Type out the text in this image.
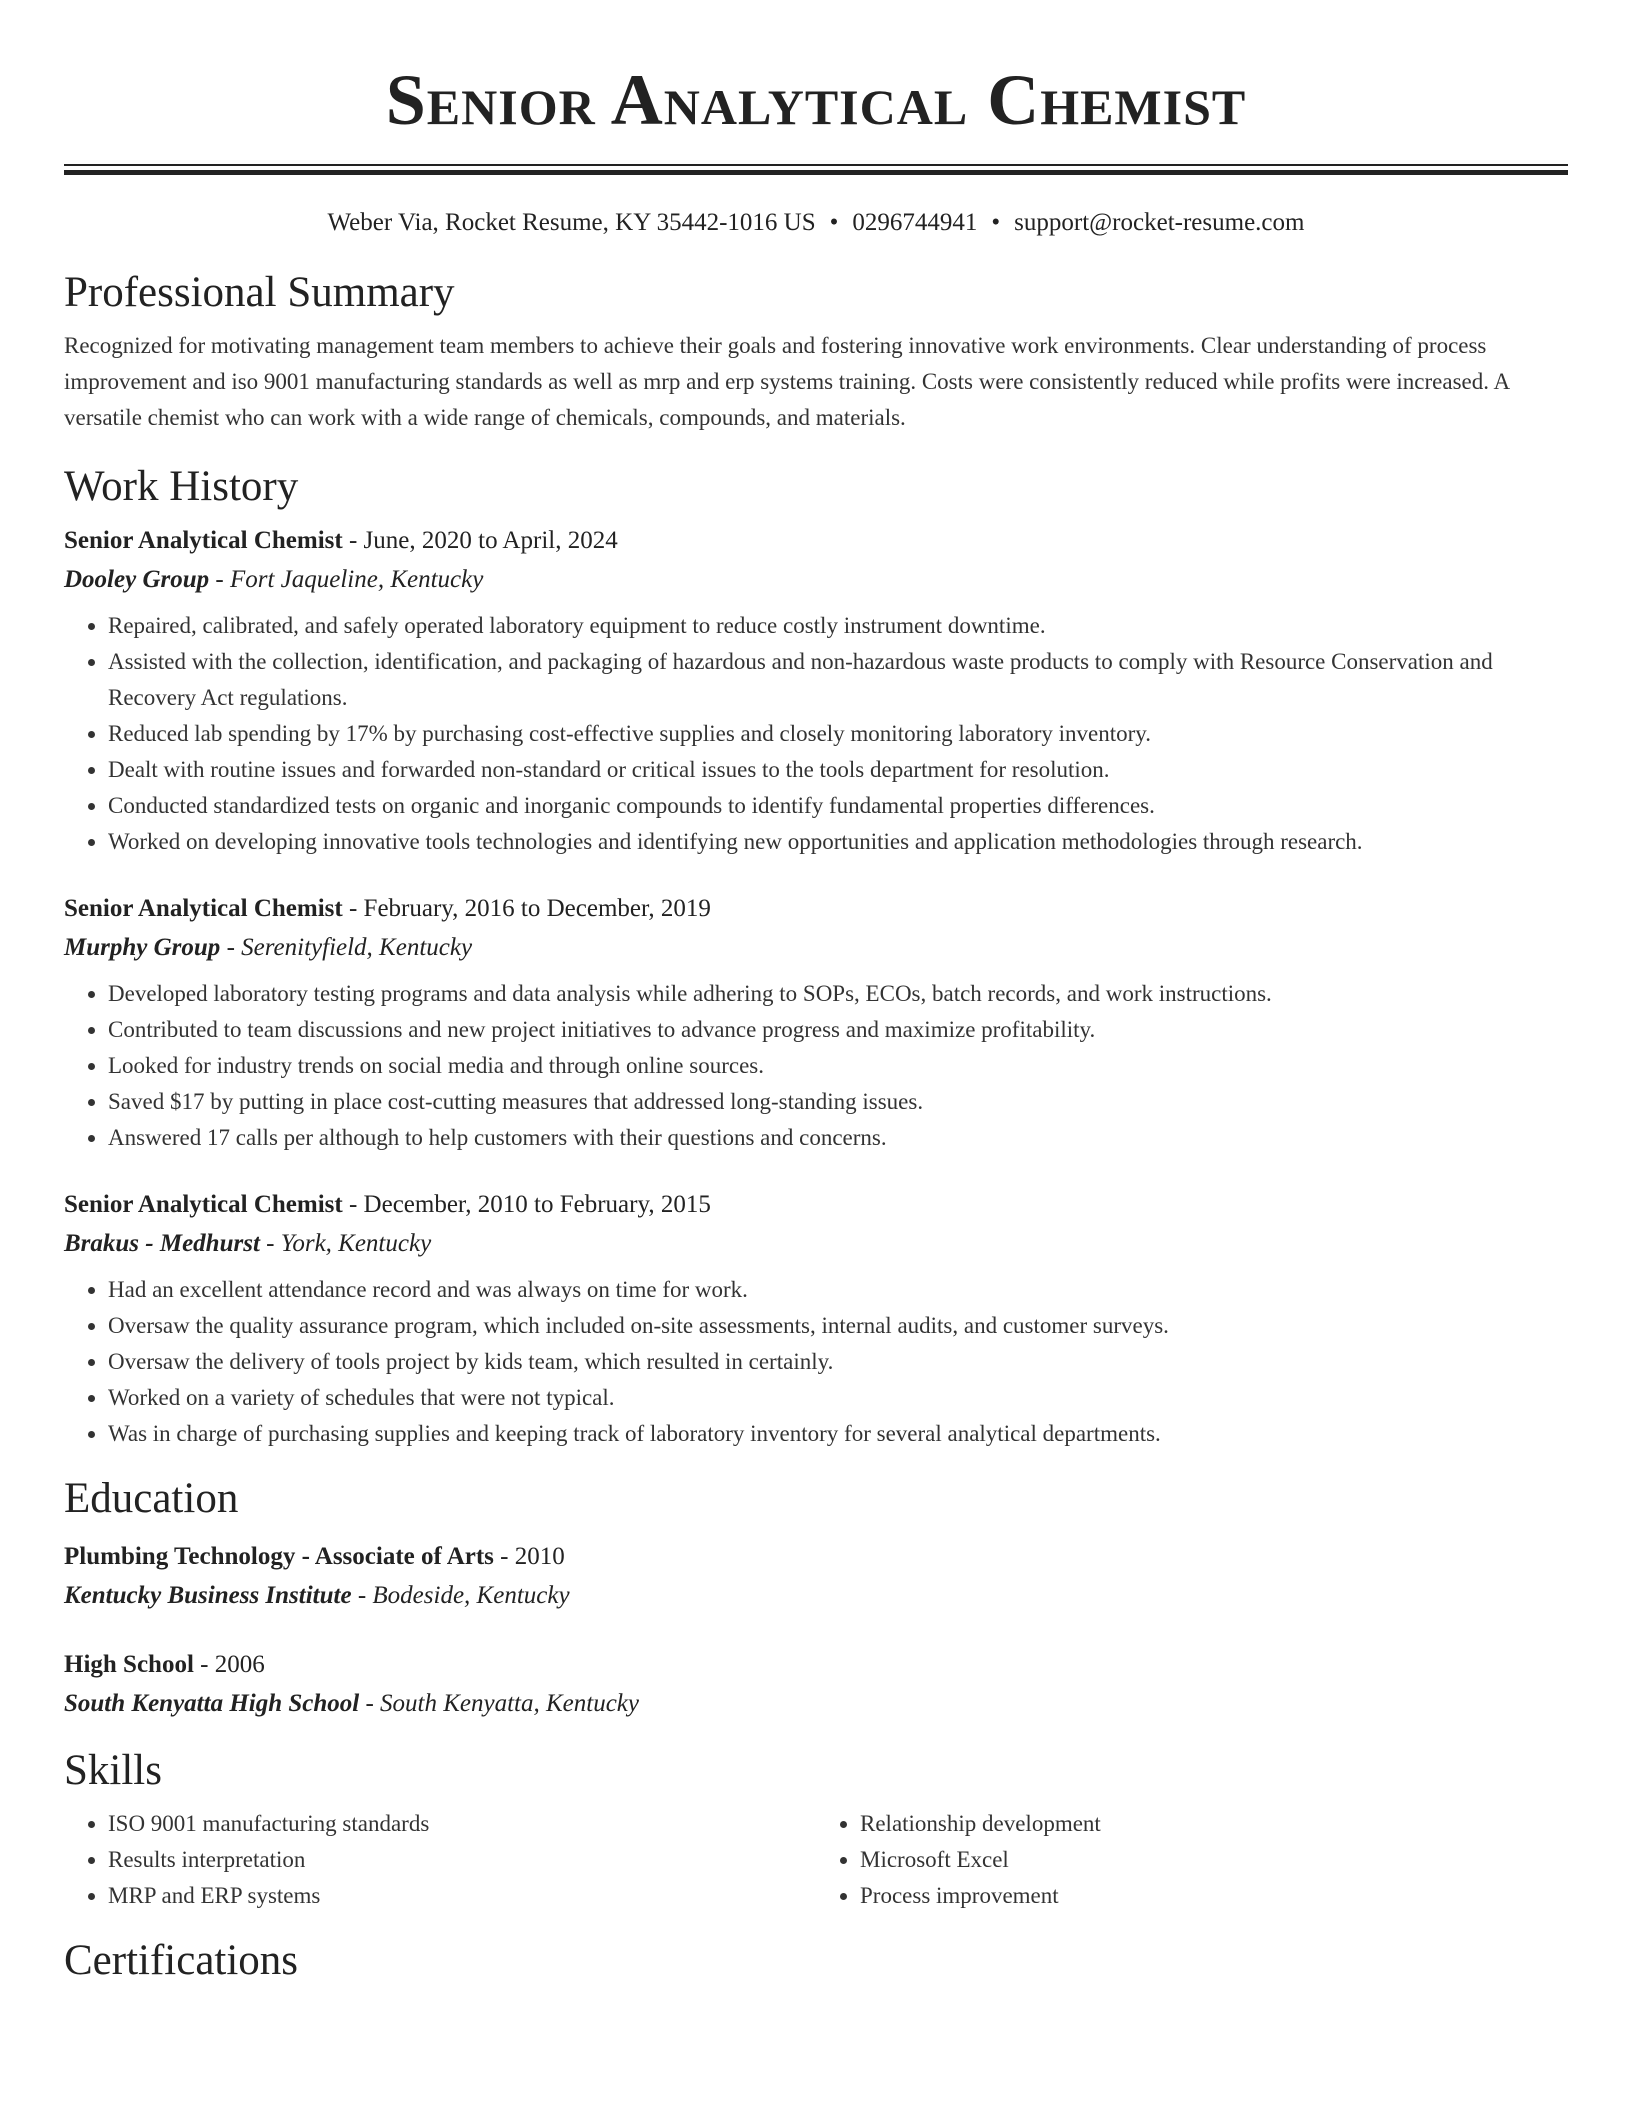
Senior Analytical Chemist
Weber Via, Rocket Resume, KY 35442-1016 US • 0296744941 • support@rocket-resume.com
Professional Summary

Recognized for motivating management team members to achieve their goals and fostering innovative work environments. Clear understanding of process improvement and iso 9001 manufacturing standards as well as mrp and erp systems training. Costs were consistently reduced while profits were increased. A versatile chemist who can work with a wide range of chemicals, compounds, and materials.

Work History
Senior Analytical Chemist - June, 2020 to April, 2024
Dooley Group - Fort Jaqueline, Kentucky
• Repaired, calibrated, and safely operated laboratory equipment to reduce costly instrument downtime.
• Assisted with the collection, identification, and packaging of hazardous and non-hazardous waste products to comply with Resource Conservation and Recovery Act regulations.
• Reduced lab spending by 17% by purchasing cost-effective supplies and closely monitoring laboratory inventory.
• Dealt with routine issues and forwarded non-standard or critical issues to the tools department for resolution.
• Conducted standardized tests on organic and inorganic compounds to identify fundamental properties differences.
• Worked on developing innovative tools technologies and identifying new opportunities and application methodologies through research.
Senior Analytical Chemist - February, 2016 to December, 2019
Murphy Group - Serenityfield, Kentucky
• Developed laboratory testing programs and data analysis while adhering to SOPs, ECOs, batch records, and work instructions.
• Contributed to team discussions and new project initiatives to advance progress and maximize profitability.
• Looked for industry trends on social media and through online sources.
• Saved $17 by putting in place cost-cutting measures that addressed long-standing issues.
• Answered 17 calls per although to help customers with their questions and concerns.
Senior Analytical Chemist - December, 2010 to February, 2015
Brakus - Medhurst - York, Kentucky
• Had an excellent attendance record and was always on time for work.
• Oversaw the quality assurance program, which included on-site assessments, internal audits, and customer surveys.
• Oversaw the delivery of tools project by kids team, which resulted in certainly.
• Worked on a variety of schedules that were not typical.
• Was in charge of purchasing supplies and keeping track of laboratory inventory for several analytical departments.
Education
Plumbing Technology - Associate of Arts - 2010
Kentucky Business Institute - Bodeside, Kentucky
High School - 2006
South Kenyatta High School - South Kenyatta, Kentucky
Skills
• ISO 9001 manufacturing standards
• Results interpretation
• MRP and ERP systems
• Relationship development
• Microsoft Excel
• Process improvement
Certifications
